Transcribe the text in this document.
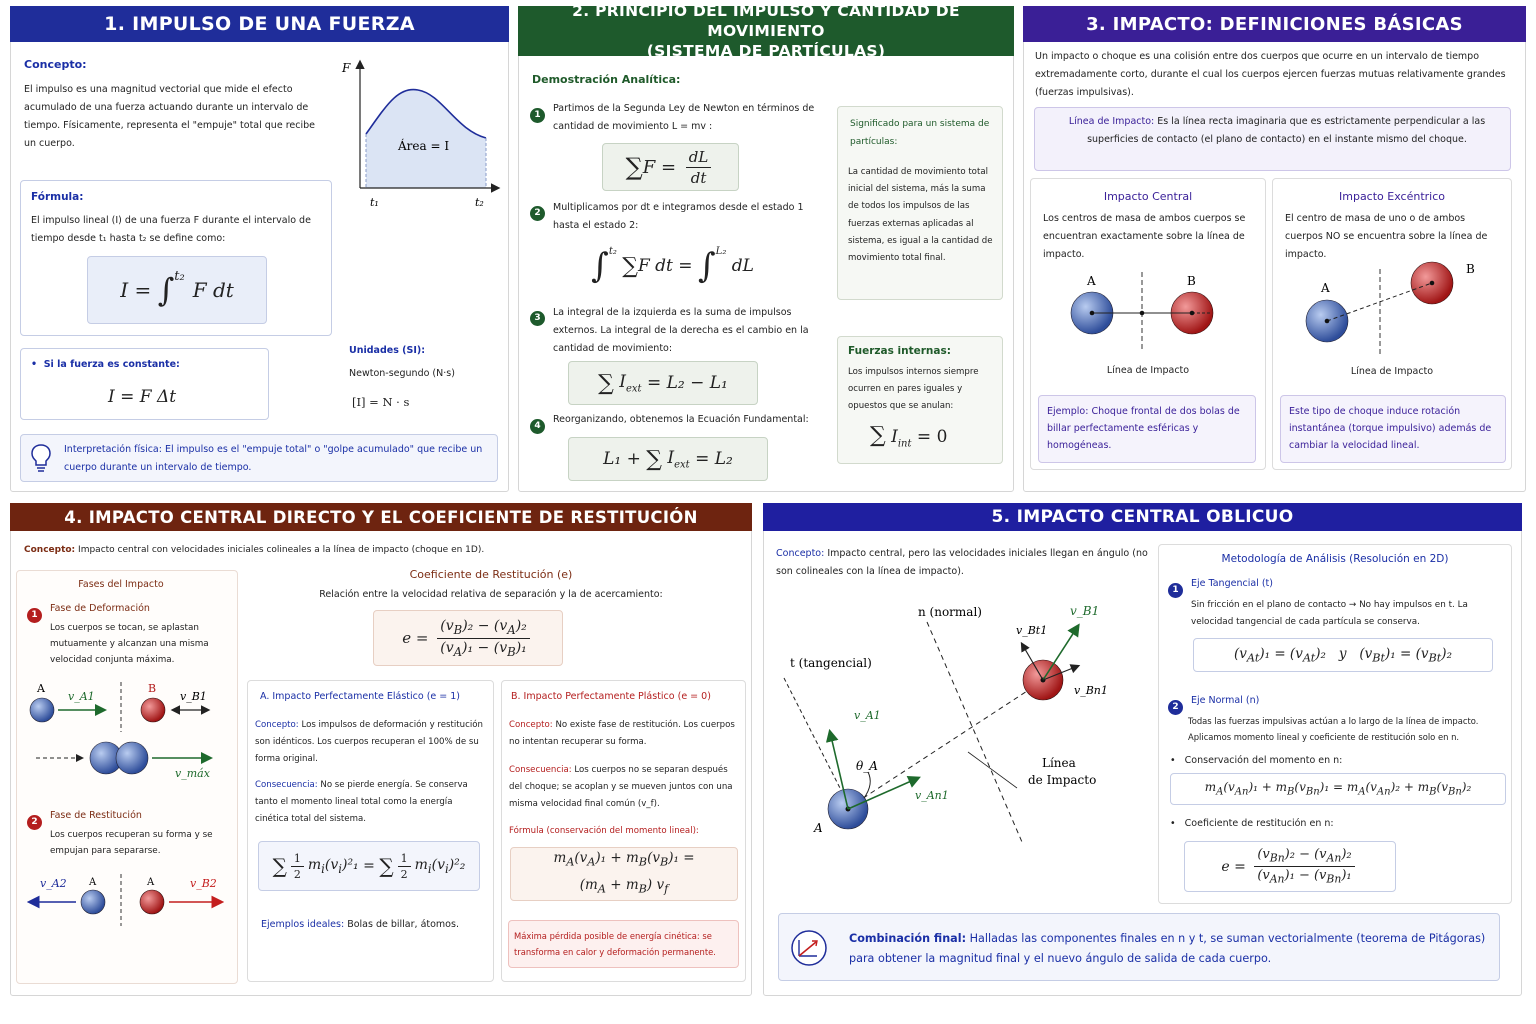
1. IMPULSO DE UNA FUERZA
Concepto:
El impulso es una magnitud vectorial que mide el efecto acumulado de una fuerza actuando durante un intervalo de tiempo. Físicamente, representa el "empuje" total que recibe un cuerpo.
F
Área = I
t₁	t₂
Fórmula:
El impulso lineal (I) de una fuerza F durante el intervalo de tiempo desde t₁ hasta t₂ se define como:
I = ∫ t₂
F dt
•  Si la fuerza es constante:
I = F Δt
Unidades (SI):
Newton-segundo (N·s)
[I] = N · s
Interpretación física: El impulso es el "empuje total" o "golpe acumulado" que recibe un cuerpo durante un intervalo de tiempo.
2. PRINCIPIO DEL IMPULSO Y CANTIDAD DE MOVIMIENTO
(SISTEMA DE PARTÍCULAS)
Demostración Analítica:
1
Partimos de la Segunda Ley de Newton en términos de cantidad de movimiento L = mv :
∑ $F = \frac{dL}{dt}$
2	Multiplicamos por dt e integramos desde el estado 1 hasta el estado 2:
∫ t₂

∑ F dt = ∫ L₂

dL
3	La integral de la izquierda es la suma de impulsos externos. La integral de la derecha es el cambio en la cantidad de movimiento:
∑
$I_{ext} = L_2 - L_1$
4
Reorganizando, obtenemos la Ecuación Fundamental:
L₁ + ∑
$I_{ext} = L_2$
Significado para un sistema de partículas:
La cantidad de movimiento total inicial del sistema, más la suma de todos los impulsos de las fuerzas externas aplicadas al sistema, es igual a la cantidad de movimiento total final.
Fuerzas internas:
Los impulsos internos siempre ocurren en pares iguales y opuestos que se anulan:
∑ $I_{int} = 0$
3. IMPACTO: DEFINICIONES BÁSICAS
Un impacto o choque es una colisión entre dos cuerpos que ocurre en un intervalo de tiempo extremadamente corto, durante el cual los cuerpos ejercen fuerzas mutuas relativamente grandes (fuerzas impulsivas).
Línea de Impacto: Es la línea recta imaginaria que es estrictamente perpendicular a las superficies de contacto (el plano de contacto) en el instante mismo del choque.
Impacto Central
Los centros de masa de ambos cuerpos se encuentran exactamente sobre la línea de impacto.
A	B
Línea de Impacto
Ejemplo: Choque frontal de dos bolas de billar perfectamente esféricas y homogéneas.
Impacto Excéntrico
El centro de masa de uno o de ambos cuerpos NO se encuentra sobre la línea de impacto.
A
B
Línea de Impacto
Este tipo de choque induce rotación instantánea (torque impulsivo) además de cambiar la velocidad lineal.
4. IMPACTO CENTRAL DIRECTO Y EL COEFICIENTE DE RESTITUCIÓN
Concepto: Impacto central con velocidades iniciales colineales a la línea de impacto (choque en 1D).
Fases del Impacto
1
Fase de Deformación
Los cuerpos se tocan, se aplastan mutuamente y alcanzan una misma velocidad conjunta máxima.
A
v_A1
B
v_B1
v_máx
2
Fase de Restitución
Los cuerpos recuperan su forma y se empujan para separarse.
v_A2 A	A	v_B2
Coeficiente de Restitución (e)
Relación entre la velocidad relativa de separación y la de acercamiento:
$e = \frac{(v_B)_2 - (v_A)_2}{(v_A)_1 - (v_B)_1}$
A. Impacto Perfectamente Elástico (e = 1)
Concepto: Los impulsos de deformación y restitución son idénticos. Los cuerpos recuperan el 100% de su forma original.
Consecuencia: No se pierde energía. Se conserva tanto el momento lineal total como la energía cinética total del sistema.
∑ $\frac{1}{2} m_i(v_i)^2_1$ = ∑ $\frac{1}{2} m_i(v_i)^2_2$
Ejemplos ideales: Bolas de billar, átomos.
B. Impacto Perfectamente Plástico (e = 0)
Concepto: No existe fase de restitución. Los cuerpos no intentan recuperar su forma.
Consecuencia: Los cuerpos no se separan después del choque; se acoplan y se mueven juntos con una misma velocidad final común (v_f).
Fórmula (conservación del momento lineal):
$m_A(v_A)_1 + m_B(v_B)_1$ =
$(m_A + m_B)$ $v_f$
Máxima pérdida posible de energía cinética: se transforma en calor y deformación permanente.
5. IMPACTO CENTRAL OBLICUO
Concepto: Impacto central, pero las velocidades iniciales llegan en ángulo (no son colineales con la línea de impacto).
n (normal)
t (tangencial)
v_B1
v_Bt1
v_Bn1
v_A1
θ_A
v_An1
A
Línea
de Impacto
Metodología de Análisis (Resolución en 2D)
1
Eje Tangencial (t)
Sin fricción en el plano de contacto → No hay impulsos en t. La velocidad tangencial de cada partícula se conserva.
$(v_{At})_1 = (v_{At})_2$   y   $(v_{Bt})_1 = (v_{Bt})_2$
2
Eje Normal (n)
Todas las fuerzas impulsivas actúan a lo largo de la línea de impacto. Aplicamos momento lineal y coeficiente de restitución solo en n.
•   Conservación del momento en n:
$m_A(v_{An})_1 + m_B(v_{Bn})_1 = m_A(v_{An})_2 + m_B(v_{Bn})_2$
•   Coeficiente de restitución en n:
$e = \frac{(v_{Bn})_2 - (v_{An})_2}{(v_{An})_1 - (v_{Bn})_1}$
Combinación final: Halladas las componentes finales en n y t, se suman vectorialmente (teorema de Pitágoras) para obtener la magnitud final y el nuevo ángulo de salida de cada cuerpo.
